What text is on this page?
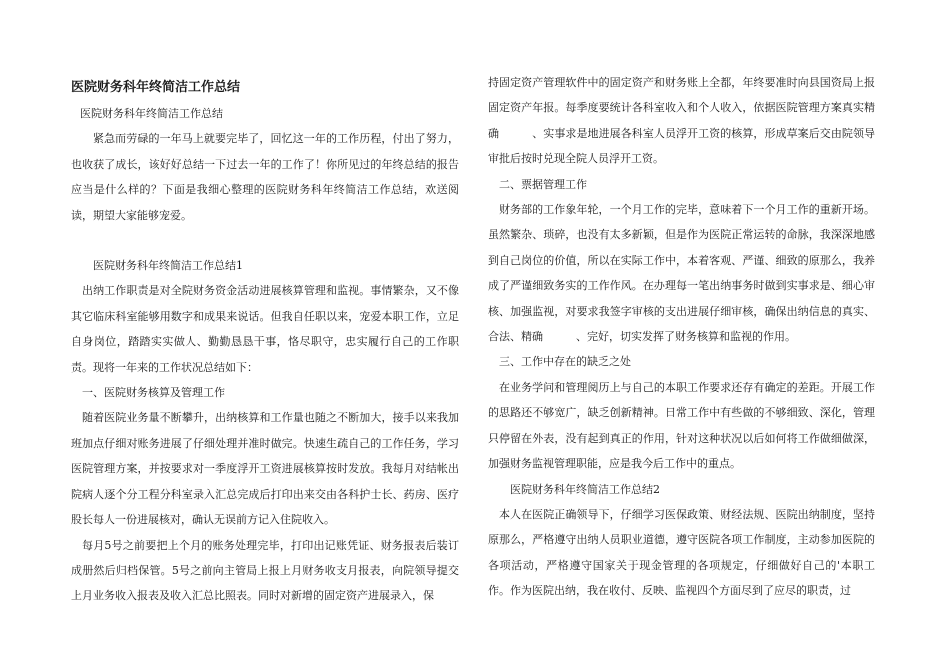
医院财务科年终简洁工作总结

医院财务科年终简洁工作总结

紧急而劳碌的一年马上就要完毕了，回忆这一年的工作历程，付出了努力，也收获了成长，该好好总结一下过去一年的工作了！你所见过的年终总结的报告应当是什么样的？下面是我细心整理的医院财务科年终简洁工作总结，欢送阅读，期望大家能够宠爱。

医院财务科年终简洁工作总结1

出纳工作职责是对全院财务资金活动进展核算管理和监视。事情繁杂，又不像其它临床科室能够用数字和成果来说话。但我自任职以来，宠爱本职工作，立足自身岗位，踏踏实实做人、勤勤恳恳干事，恪尽职守，忠实履行自己的工作职责。现将一年来的工作状况总结如下：

一、医院财务核算及管理工作

随着医院业务量不断攀升，出纳核算和工作量也随之不断加大，接手以来我加班加点仔细对账务进展了仔细处理并准时做完。快速生疏自己的工作任务，学习医院管理方案，并按要求对一季度浮开工资进展核算按时发放。我每月对结帐出院病人逐个分工程分科室录入汇总完成后打印出来交由各科护士长、药房、医疗股长每人一份进展核对，确认无误前方记入住院收入。

每月5号之前要把上个月的账务处理完毕，打印出记账凭证、财务报表后装订成册然后归档保管。5号之前向主管局上报上月财务收支月报表，向院领导提交上月业务收入报表及收入汇总比照表。同时对新增的固定资产进展录入，保

持固定资产管理软件中的固定资产和财务账上全都，年终要准时向县国资局上报固定资产年报。每季度要统计各科室收入和个人收入，依据医院管理方案真实精确　　　、实事求是地进展各科室人员浮开工资的核算，形成草案后交由院领导审批后按时兑现全院人员浮开工资。

二、票据管理工作

财务部的工作象年轮，一个月工作的完毕，意味着下一个月工作的重新开场。虽然繁杂、琐碎，也没有太多新颖，但是作为医院正常运转的命脉，我深深地感到自己岗位的价值，所以在实际工作中，本着客观、严谨、细致的原那么，我养成了严谨细致务实的工作作风。在办理每一笔出纳事务时做到实事求是、细心审核、加强监视，对要求我签字审核的支出进展仔细审核，确保出纳信息的真实、合法、精确　　　、完好，切实发挥了财务核算和监视的作用。

三、工作中存在的缺乏之处

在业务学问和管理阅历上与自己的本职工作要求还存有确定的差距。开展工作的思路还不够宽广，缺乏创新精神。日常工作中有些做的不够细致、深化，管理只停留在外表，没有起到真正的作用，针对这种状况以后如何将工作做细做深，加强财务监视管理职能，应是我今后工作中的重点。

医院财务科年终简洁工作总结2

本人在医院正确领导下，仔细学习医保政策、财经法规、医院出纳制度，坚持原那么，严格遵守出纳人员职业道德，遵守医院各项工作制度，主动参加医院的各项活动，严格遵守国家关于现金管理的各项规定，仔细做好自己的'本职工作。作为医院出纳，我在收付、反映、监视四个方面尽到了应尽的职责，过
